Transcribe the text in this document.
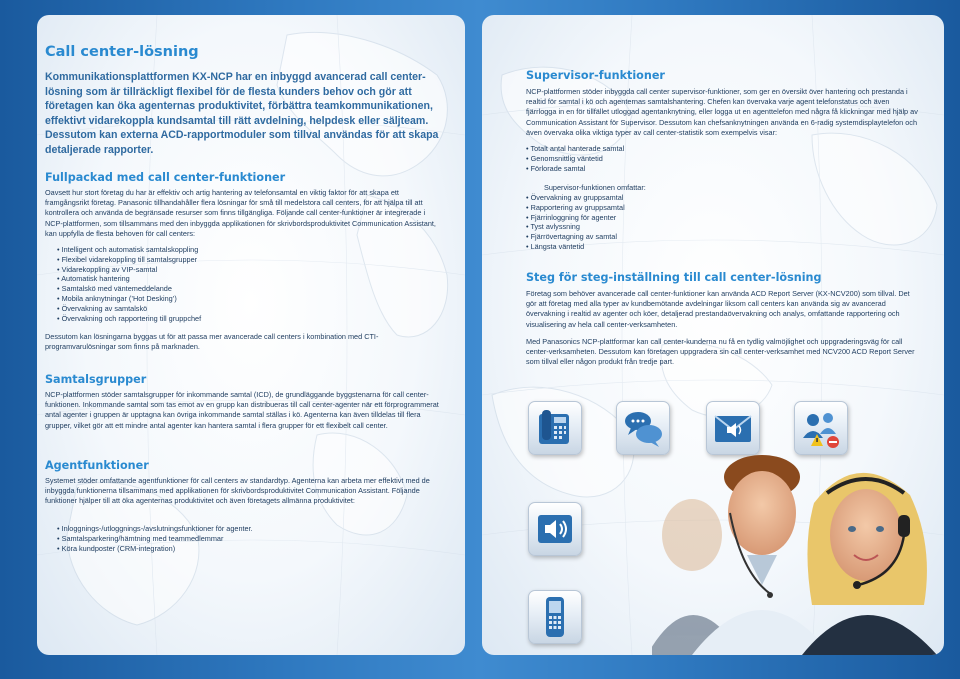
Call center-lösning

Kommunikationsplattformen KX-NCP har en inbyggd avancerad call center-lösning som är tillräckligt flexibel för de flesta kunders behov och gör att företagen kan öka agenternas produktivitet, förbättra teamkommunikationen, effektivt vidarekoppla kundsamtal till rätt avdelning, helpdesk eller säljteam. Dessutom kan externa ACD-rapportmoduler som tillval användas för att skapa detaljerade rapporter.

Fullpackad med call center-funktioner

Oavsett hur stort företag du har är effektiv och artig hantering av telefonsamtal en viktig faktor för att skapa ett framgångsrikt företag. Panasonic tillhandahåller flera lösningar för små till medelstora call centers, för att hjälpa till att kontrollera och använda de begränsade resurser som finns tillgängliga. Följande call center-funktioner är integrerade i NCP-plattformen, som tillsammans med den inbyggda applikationen för skrivbordsproduktivitet Communication Assistant, kan uppfylla de flesta behoven för call centers:

• Intelligent och automatisk samtalskoppling
• Flexibel vidarekoppling till samtalsgrupper
• Vidarekoppling av VIP-samtal
• Automatisk hantering
• Samtalskö med väntemeddelande
• Mobila anknytningar (’Hot Desking’)
• Övervakning av samtalskö
• Övervakning och rapportering till gruppchef

Dessutom kan lösningarna byggas ut för att passa mer avancerade call centers i kombination med CTI-programvarulösningar som finns på marknaden.

Samtalsgrupper

NCP-plattformen stöder samtalsgrupper för inkommande samtal (ICD), de grundläggande byggstenarna för call center-funktionen. Inkommande samtal som tas emot av en grupp kan distribueras till call center-agenter när ett förprogrammerat antal agenter i gruppen är upptagna kan övriga inkommande samtal ställas i kö. Agenterna kan även tilldelas till flera grupper, vilket gör att ett mindre antal agenter kan hantera samtal i flera grupper för ett flexibelt call center.

Agentfunktioner

Systemet stöder omfattande agentfunktioner för call centers av standardtyp. Agenterna kan arbeta mer effektivt med de inbyggda funktionerna tillsammans med applikationen för skrivbordsproduktivitet Communication Assistant. Följande funktioner hjälper till att öka agenternas produktivitet och även företagets allmänna produktivitet:

• Inloggnings-/utloggnings-/avslutningsfunktioner för agenter.
• Samtalsparkering/hämtning med teammedlemmar
• Köra kundposter (CRM-integration)
Supervisor-funktioner

NCP-plattformen stöder inbyggda call center supervisor-funktioner, som ger en översikt över hantering och prestanda i realtid för samtal i kö och agenternas samtalshantering. Chefen kan övervaka varje agent telefonstatus och även fjärrlogga in en för tillfället utloggad agentanknytning, eller logga ut en agenttelefon med några få klickningar med hjälp av Communication Assistant för Supervisor. Dessutom kan chefsanknytningen använda en 6-radig systemdisplaytelefon och även övervaka olika viktiga typer av call center-statistik som exempelvis visar:

• Totalt antal hanterade samtal
• Genomsnittlig väntetid
• Förlorade samtal

Supervisor-funktionen omfattar:

• Övervakning av gruppsamtal
• Rapportering av gruppsamtal
• Fjärrinloggning för agenter
• Tyst avlyssning
• Fjärrövertagning av samtal
• Längsta väntetid
Steg för steg-inställning till call center-lösning

Företag som behöver avancerade call center-funktioner kan använda ACD Report Server (KX-NCV200) som tillval. Det gör att företag med alla typer av kundbemötande avdelningar liksom call centers kan använda sig av avancerad övervakning i realtid av agenter och köer, detaljerad prestandaövervakning och analys, omfattande rapportering och visualisering av hela call center-verksamheten.

Med Panasonics NCP-plattformar kan call center-kunderna nu få en tydlig valmöjlighet och uppgraderingsväg för call center-verksamheten. Dessutom kan företagen uppgradera sin call center-verksamhet med NCV200 ACD Report Server som tillval eller någon produkt från tredje part.
